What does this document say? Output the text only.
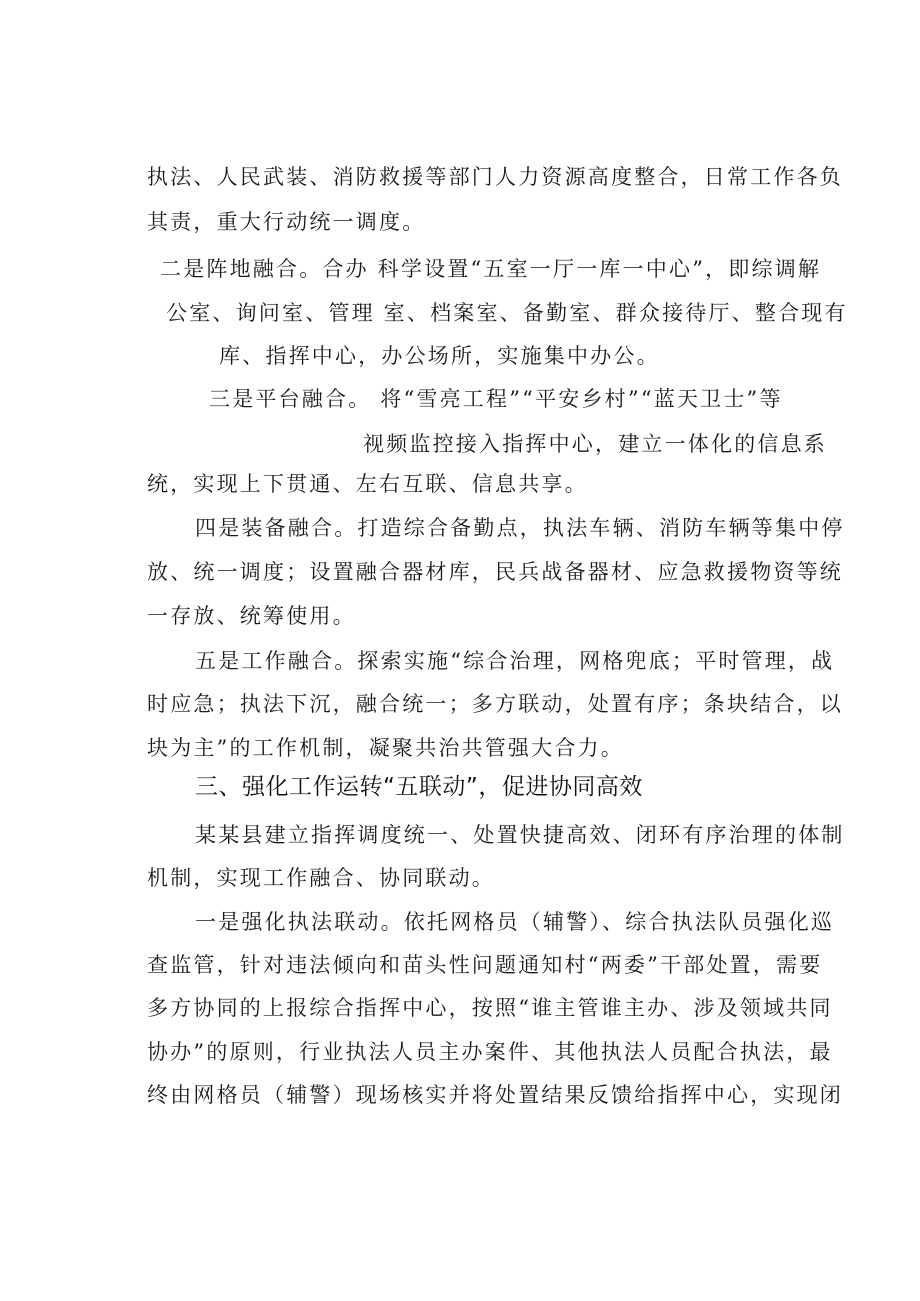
执法、人民武装、消防救援等部门人力资源高度整合，日常工作各负
其责，重大行动统一调度。
二是阵地融合。合办 科学设置“五室一厅一库一中心”，即综调解
公室、询问室、管理 室、档案室、备勤室、群众接待厅、整合现有
库、指挥中心，办公场所，实施集中办公。
三是平台融合。 将“雪亮工程”“平安乡村”“蓝天卫士”等
视频监控接入指挥中心，建立一体化的信息系
统，实现上下贯通、左右互联、信息共享。
四是装备融合。打造综合备勤点，执法车辆、消防车辆等集中停
放、统一调度；设置融合器材库，民兵战备器材、应急救援物资等统
一存放、统筹使用。
五是工作融合。探索实施“综合治理，网格兜底；平时管理，战
时应急；执法下沉，融合统一；多方联动，处置有序；条块结合，以
块为主”的工作机制，凝聚共治共管强大合力。
三、强化工作运转“五联动”，促进协同高效
某某县建立指挥调度统一、处置快捷高效、闭环有序治理的体制
机制，实现工作融合、协同联动。
一是强化执法联动。依托网格员（辅警）、综合执法队员强化巡
查监管，针对违法倾向和苗头性问题通知村“两委”干部处置，需要
多方协同的上报综合指挥中心，按照“谁主管谁主办、涉及领域共同
协办”的原则，行业执法人员主办案件、其他执法人员配合执法，最
终由网格员（辅警）现场核实并将处置结果反馈给指挥中心，实现闭
